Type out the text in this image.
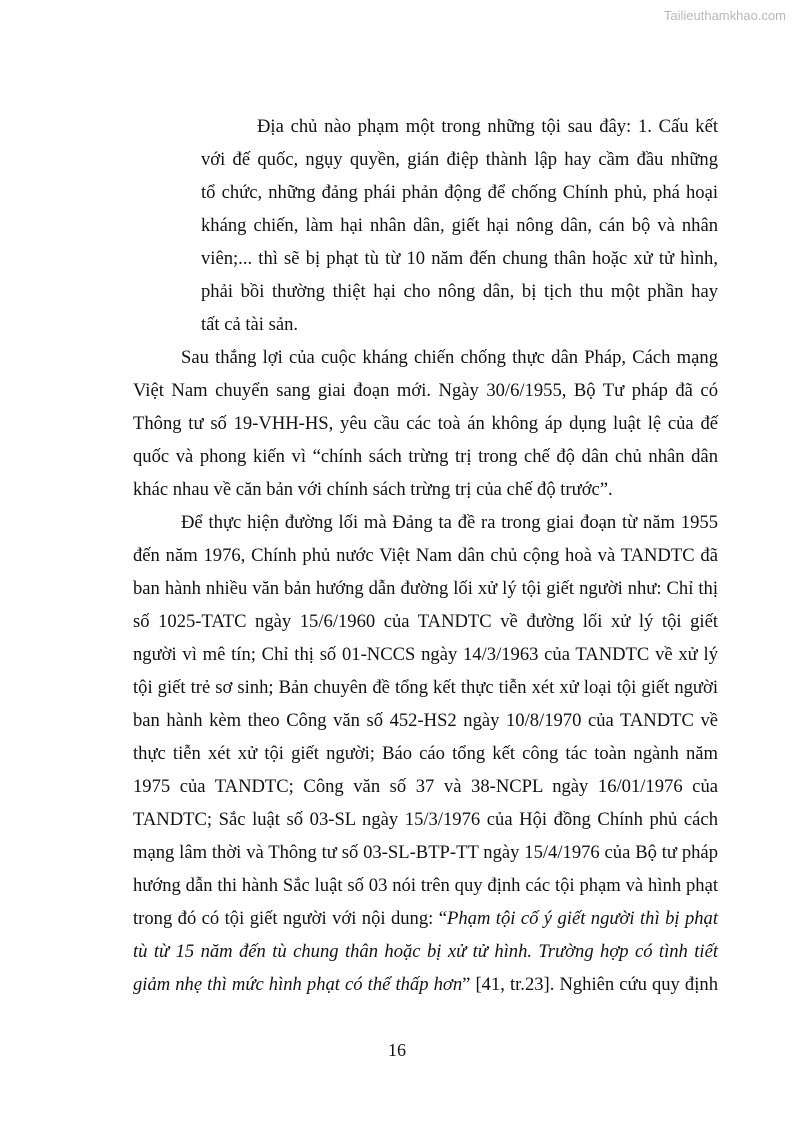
Tailieuthamkhao.com
Địa chủ nào phạm một trong những tội sau đây: 1. Cấu kết
với đế quốc, ngụy quyền, gián điệp thành lập hay cầm đầu những
tổ chức, những đảng phái phản động để chống Chính phủ, phá hoại
kháng chiến, làm hại nhân dân, giết hại nông dân, cán bộ và nhân
viên;... thì sẽ bị phạt tù từ 10 năm đến chung thân hoặc xử tử hình,
phải bồi thường thiệt hại cho nông dân, bị tịch thu một phần hay
tất cả tài sản.
Sau thắng lợi của cuộc kháng chiến chống thực dân Pháp, Cách mạng
Việt Nam chuyển sang giai đoạn mới. Ngày 30/6/1955, Bộ Tư pháp đã có
Thông tư số 19-VHH-HS, yêu cầu các toà án không áp dụng luật lệ của đế
quốc và phong kiến vì “chính sách trừng trị trong chế độ dân chủ nhân dân
khác nhau về căn bản với chính sách trừng trị của chế độ trước”.
Để thực hiện đường lối mà Đảng ta đề ra trong giai đoạn từ năm 1955
đến năm 1976, Chính phủ nước Việt Nam dân chủ cộng hoà và TANDTC đã
ban hành nhiều văn bản hướng dẫn đường lối xử lý tội giết người như: Chỉ thị
số 1025-TATC ngày 15/6/1960 của TANDTC về đường lối xử lý tội giết
người vì mê tín; Chỉ thị số 01-NCCS ngày 14/3/1963 của TANDTC về xử lý
tội giết trẻ sơ sinh; Bản chuyên đề tổng kết thực tiễn xét xử loại tội giết người
ban hành kèm theo Công văn số 452-HS2 ngày 10/8/1970 của TANDTC về
thực tiễn xét xử tội giết người; Báo cáo tổng kết công tác toàn ngành năm
1975 của TANDTC; Công văn số 37 và 38-NCPL ngày 16/01/1976 của
TANDTC; Sắc luật số 03-SL ngày 15/3/1976 của Hội đồng Chính phủ cách
mạng lâm thời và Thông tư số 03-SL-BTP-TT ngày 15/4/1976 của Bộ tư pháp
hướng dẫn thi hành Sắc luật số 03 nói trên quy định các tội phạm và hình phạt
trong đó có tội giết người với nội dung: “Phạm tội cố ý giết người thì bị phạt
tù từ 15 năm đến tù chung thân hoặc bị xử tử hình. Trường hợp có tình tiết
giảm nhẹ thì mức hình phạt có thể thấp hơn” [41, tr.23]. Nghiên cứu quy định
16
